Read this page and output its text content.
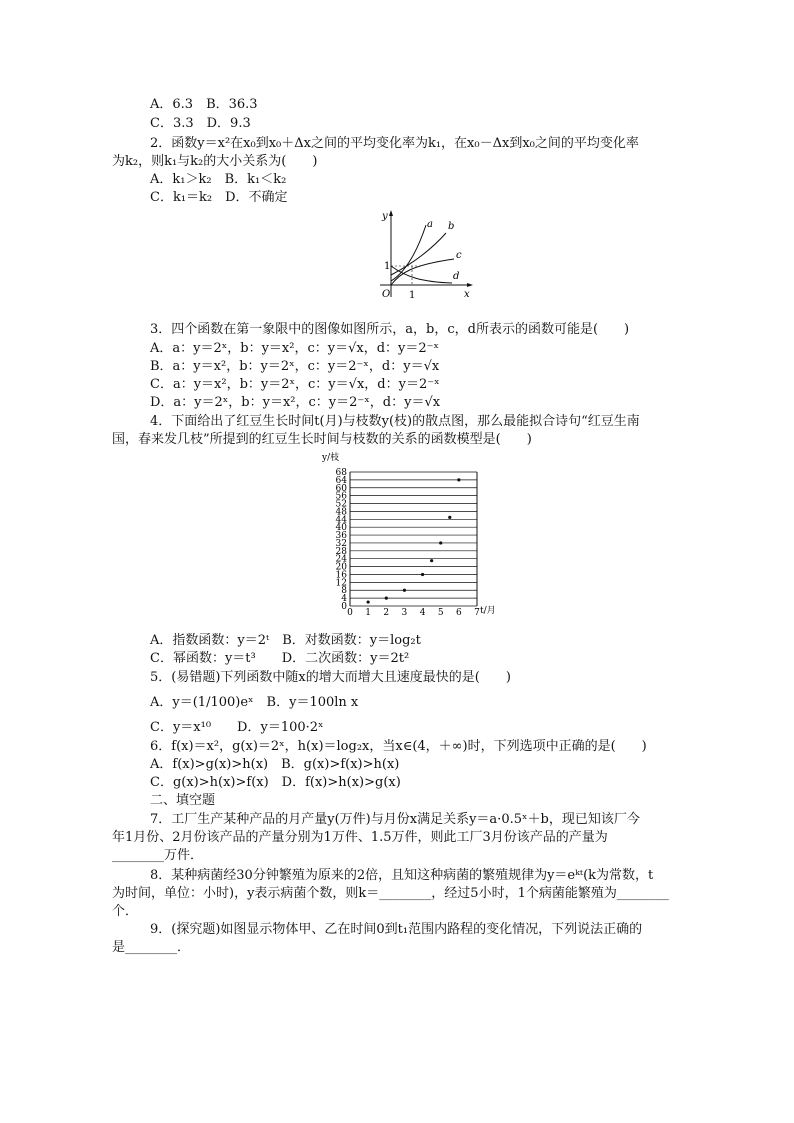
A．6.3　B．36.3
C．3.3　D．9.3
2．函数y＝x²在x₀到x₀＋Δx之间的平均变化率为k₁，在x₀－Δx到x₀之间的平均变化率
为k₂，则k₁与k₂的大小关系为(　　)
A．k₁＞k₂　B．k₁＜k₂
C．k₁＝k₂　D．不确定
y
x
O
1
1
a b
c
d
3．四个函数在第一象限中的图像如图所示，a，b，c，d所表示的函数可能是(　　)
A．a：y＝2ˣ，b：y＝x²，c：y＝√x，d：y＝2⁻ˣ
B．a：y＝x²，b：y＝2ˣ，c：y＝2⁻ˣ，d：y＝√x
C．a：y＝x²，b：y＝2ˣ，c：y＝√x，d：y＝2⁻ˣ
D．a：y＝2ˣ，b：y＝x²，c：y＝2⁻ˣ，d：y＝√x
4．下面给出了红豆生长时间t(月)与枝数y(枝)的散点图，那么最能拟合诗句“红豆生南
国，春来发几枝”所提到的红豆生长时间与枝数的关系的函数模型是(　　)
0
4
8
12
16
20
24
28
32
36
40
44
48
52
56
60
64
68
0 1 2 3 4 5 6 7
y/枝
t/月
A．指数函数：y＝2ᵗ　B．对数函数：y＝log₂t
C．幂函数：y＝t³　　D．二次函数：y＝2t²
5．(易错题)下列函数中随x的增大而增大且速度最快的是(　　)
A．y＝(1/100)eˣ　B．y＝100ln x
C．y＝x¹⁰　　D．y＝100·2ˣ
6．f(x)＝x²，g(x)＝2ˣ，h(x)＝log₂x，当x∈(4，＋∞)时，下列选项中正确的是(　　)
A．f(x)>g(x)>h(x)　B．g(x)>f(x)>h(x)
C．g(x)>h(x)>f(x)　D．f(x)>h(x)>g(x)
二、填空题
7．工厂生产某种产品的月产量y(万件)与月份x满足关系y＝a·0.5ˣ＋b，现已知该厂今
年1月份、2月份该产品的产量分别为1万件、1.5万件，则此工厂3月份该产品的产量为
________万件．
8．某种病菌经30分钟繁殖为原来的2倍，且知这种病菌的繁殖规律为y＝eᵏᵗ(k为常数，t
为时间，单位：小时)，y表示病菌个数，则k＝________，经过5小时，1个病菌能繁殖为________
个．
9．(探究题)如图显示物体甲、乙在时间0到t₁范围内路程的变化情况，下列说法正确的
是________．
